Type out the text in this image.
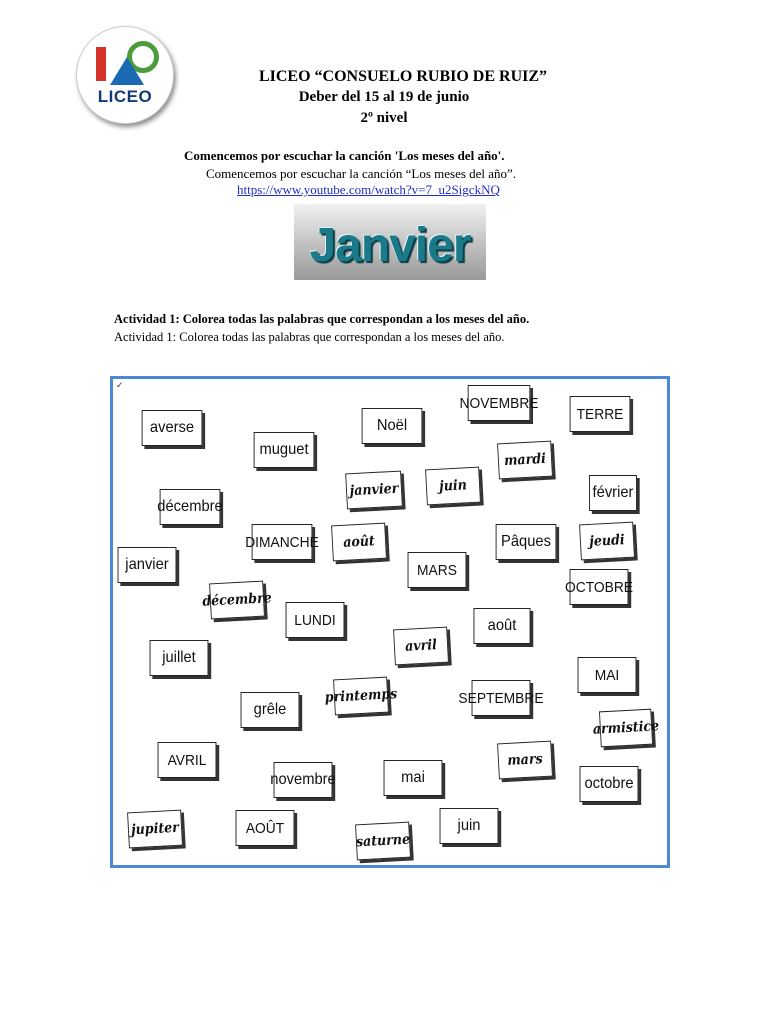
LICEO
LICEO “CONSUELO RUBIO DE RUIZ”
Deber del 15 al 19 de junio
2º nivel
Comencemos por escuchar la canción 'Los meses del año'.
Comencemos por escuchar la canción “Los meses del año”.
https://www.youtube.com/watch?v=7_u2SigckNQ
Janvier
Actividad 1: Colorea todas las palabras que correspondan a los meses del año.
Actividad 1: Colorea todas las palabras que correspondan a los meses del año.
✓
averse
muguet
Noël
NOVEMBRE
TERRE
janvier	juin
mardi
février
décembre
DIMANCHE	août	Pâques	jeudi
janvier	MARS
OCTOBRE
décembre
LUNDI	août
avril
juillet
MAI
printemps	SEPTEMBRE
grêle
armistice
AVRIL
novembre	mai
mars
octobre
jupiter	AOÛT
saturne
juin
